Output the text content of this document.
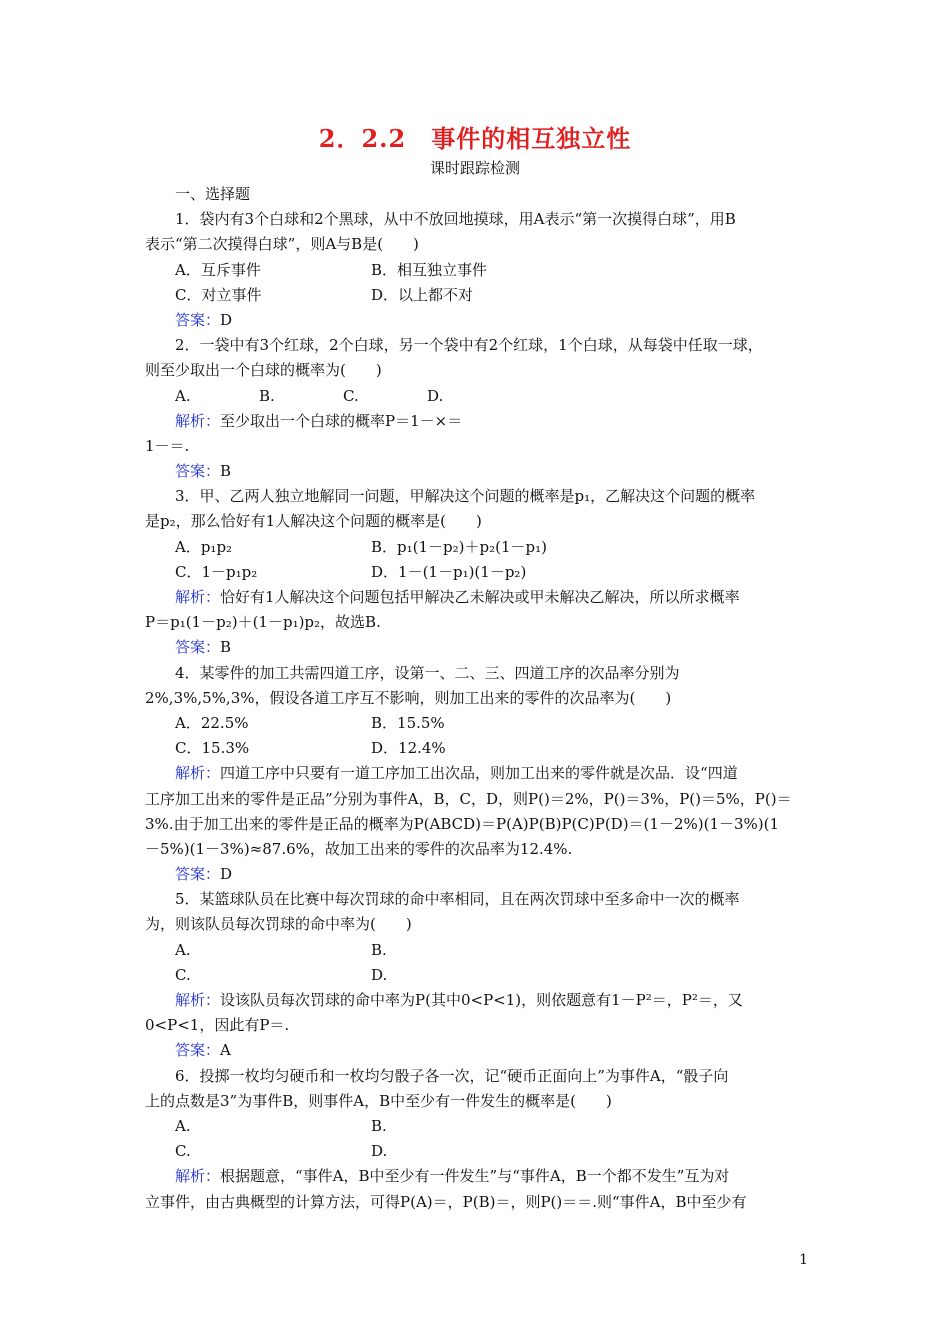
2．2.2　事件的相互独立性
课时跟踪检测
一、选择题
1．袋内有3个白球和2个黑球，从中不放回地摸球，用A表示“第一次摸得白球”，用B
表示“第二次摸得白球”，则A与B是(　　)
A．互斥事件	B．相互独立事件
C．对立事件	D．以上都不对
答案：D
2．一袋中有3个红球，2个白球，另一个袋中有2个红球，1个白球，从每袋中任取一球，
则至少取出一个白球的概率为(　　)
A.	B.	C.	D.
解析：至少取出一个白球的概率P＝1－×＝
1－＝.
答案：B
3．甲、乙两人独立地解同一问题，甲解决这个问题的概率是p₁，乙解决这个问题的概率
是p₂，那么恰好有1人解决这个问题的概率是(　　)
A．p₁p₂	B．p₁(1－p₂)＋p₂(1－p₁)
C．1－p₁p₂	D．1－(1－p₁)(1－p₂)
解析：恰好有1人解决这个问题包括甲解决乙未解决或甲未解决乙解决，所以所求概率
P＝p₁(1－p₂)＋(1－p₁)p₂，故选B.
答案：B
4．某零件的加工共需四道工序，设第一、二、三、四道工序的次品率分别为
2%,3%,5%,3%，假设各道工序互不影响，则加工出来的零件的次品率为(　　)
A．22.5%	B．15.5%
C．15.3%	D．12.4%
解析：四道工序中只要有一道工序加工出次品，则加工出来的零件就是次品．设“四道
工序加工出来的零件是正品”分别为事件A，B，C，D，则P()＝2%，P()＝3%，P()＝5%，P()＝
3%.由于加工出来的零件是正品的概率为P(ABCD)＝P(A)P(B)P(C)P(D)＝(1－2%)(1－3%)(1
－5%)(1－3%)≈87.6%，故加工出来的零件的次品率为12.4%.
答案：D
5．某篮球队员在比赛中每次罚球的命中率相同，且在两次罚球中至多命中一次的概率
为，则该队员每次罚球的命中率为(　　)
A.	B.
C.	D.
解析：设该队员每次罚球的命中率为P(其中0<P<1)，则依题意有1－P²＝，P²＝，又
0<P<1，因此有P＝.
答案：A
6．投掷一枚均匀硬币和一枚均匀骰子各一次，记“硬币正面向上”为事件A，“骰子向
上的点数是3”为事件B，则事件A，B中至少有一件发生的概率是(　　)
A.	B.
C.	D.
解析：根据题意，“事件A，B中至少有一件发生”与“事件A，B一个都不发生”互为对
立事件，由古典概型的计算方法，可得P(A)＝，P(B)＝，则P()＝＝.则“事件A，B中至少有
1
